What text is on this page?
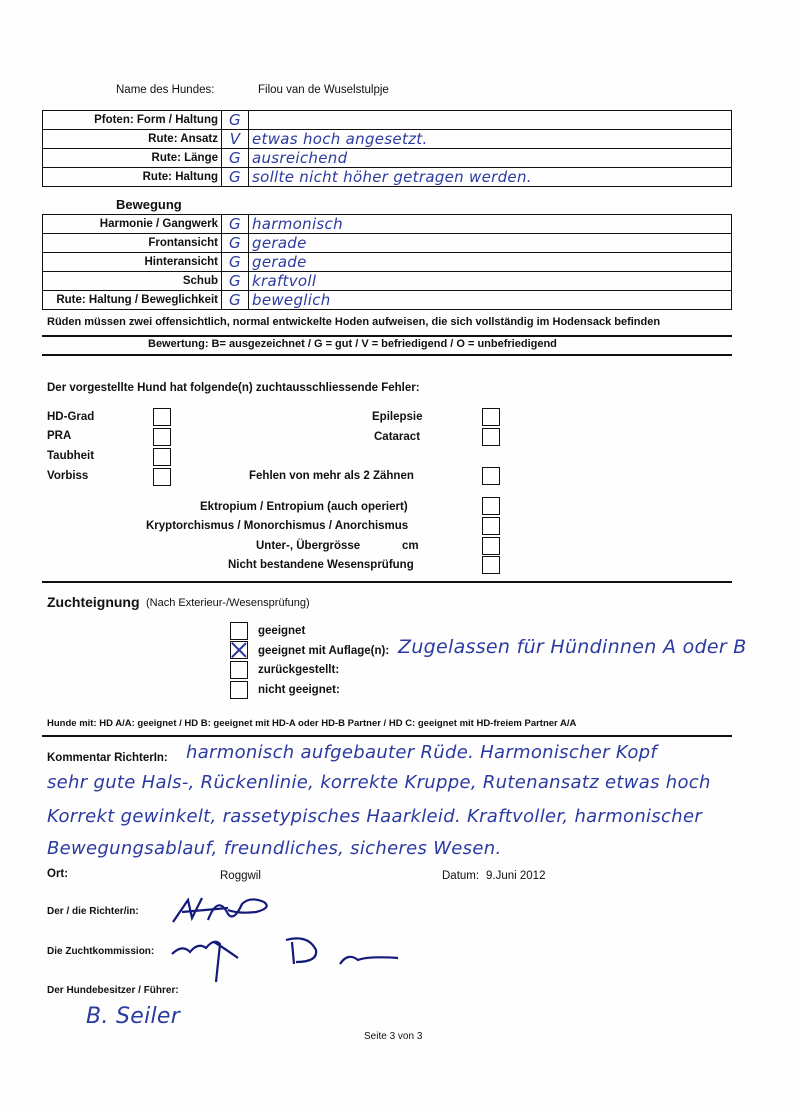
Name des Hundes:	Filou van de Wuselstulpje
Pfoten: Form / Haltung	G	
Rute: Ansatz	V	etwas hoch angesetzt.
Rute: Länge	G	ausreichend
Rute: Haltung	G	sollte nicht höher getragen werden.
Bewegung
Harmonie / Gangwerk	G	harmonisch
Frontansicht	G	gerade
Hinteransicht	G	gerade
Schub	G	kraftvoll
Rute: Haltung / Beweglichkeit	G	beweglich
Rüden müssen zwei offensichtlich, normal entwickelte Hoden aufweisen, die sich vollständig im Hodensack befinden
Bewertung: B= ausgezeichnet / G = gut / V = befriedigend / O = unbefriedigend
Der vorgestellte Hund hat folgende(n) zuchtausschliessende Fehler:
HD-Grad
PRA
Taubheit
Vorbiss
Epilepsie
Cataract
Fehlen von mehr als 2 Zähnen
Ektropium / Entropium (auch operiert)
Kryptorchismus / Monorchismus / Anorchismus
Unter-, Übergrösse	cm
Nicht bestandene Wesensprüfung
Zuchteignung (Nach Exterieur-/Wesensprüfung)
geeignet
geeignet mit Auflage(n): Zugelassen für Hündinnen A oder B
zurückgestellt:
nicht geeignet:
Hunde mit: HD A/A: geeignet / HD B: geeignet mit HD-A oder HD-B Partner / HD C: geeignet mit HD-freiem Partner A/A
Kommentar RichterIn: harmonisch aufgebauter Rüde. Harmonischer Kopf
sehr gute Hals-, Rückenlinie, korrekte Kruppe, Rutenansatz etwas hoch
Korrekt gewinkelt, rassetypisches Haarkleid. Kraftvoller, harmonischer
Bewegungsablauf, freundliches, sicheres Wesen.
Ort:	Roggwil	Datum: 9.Juni 2012
Der / die Richter/in:
Die Zuchtkommission:
Der Hundebesitzer / Führer:
B. Seiler
Seite 3 von 3
